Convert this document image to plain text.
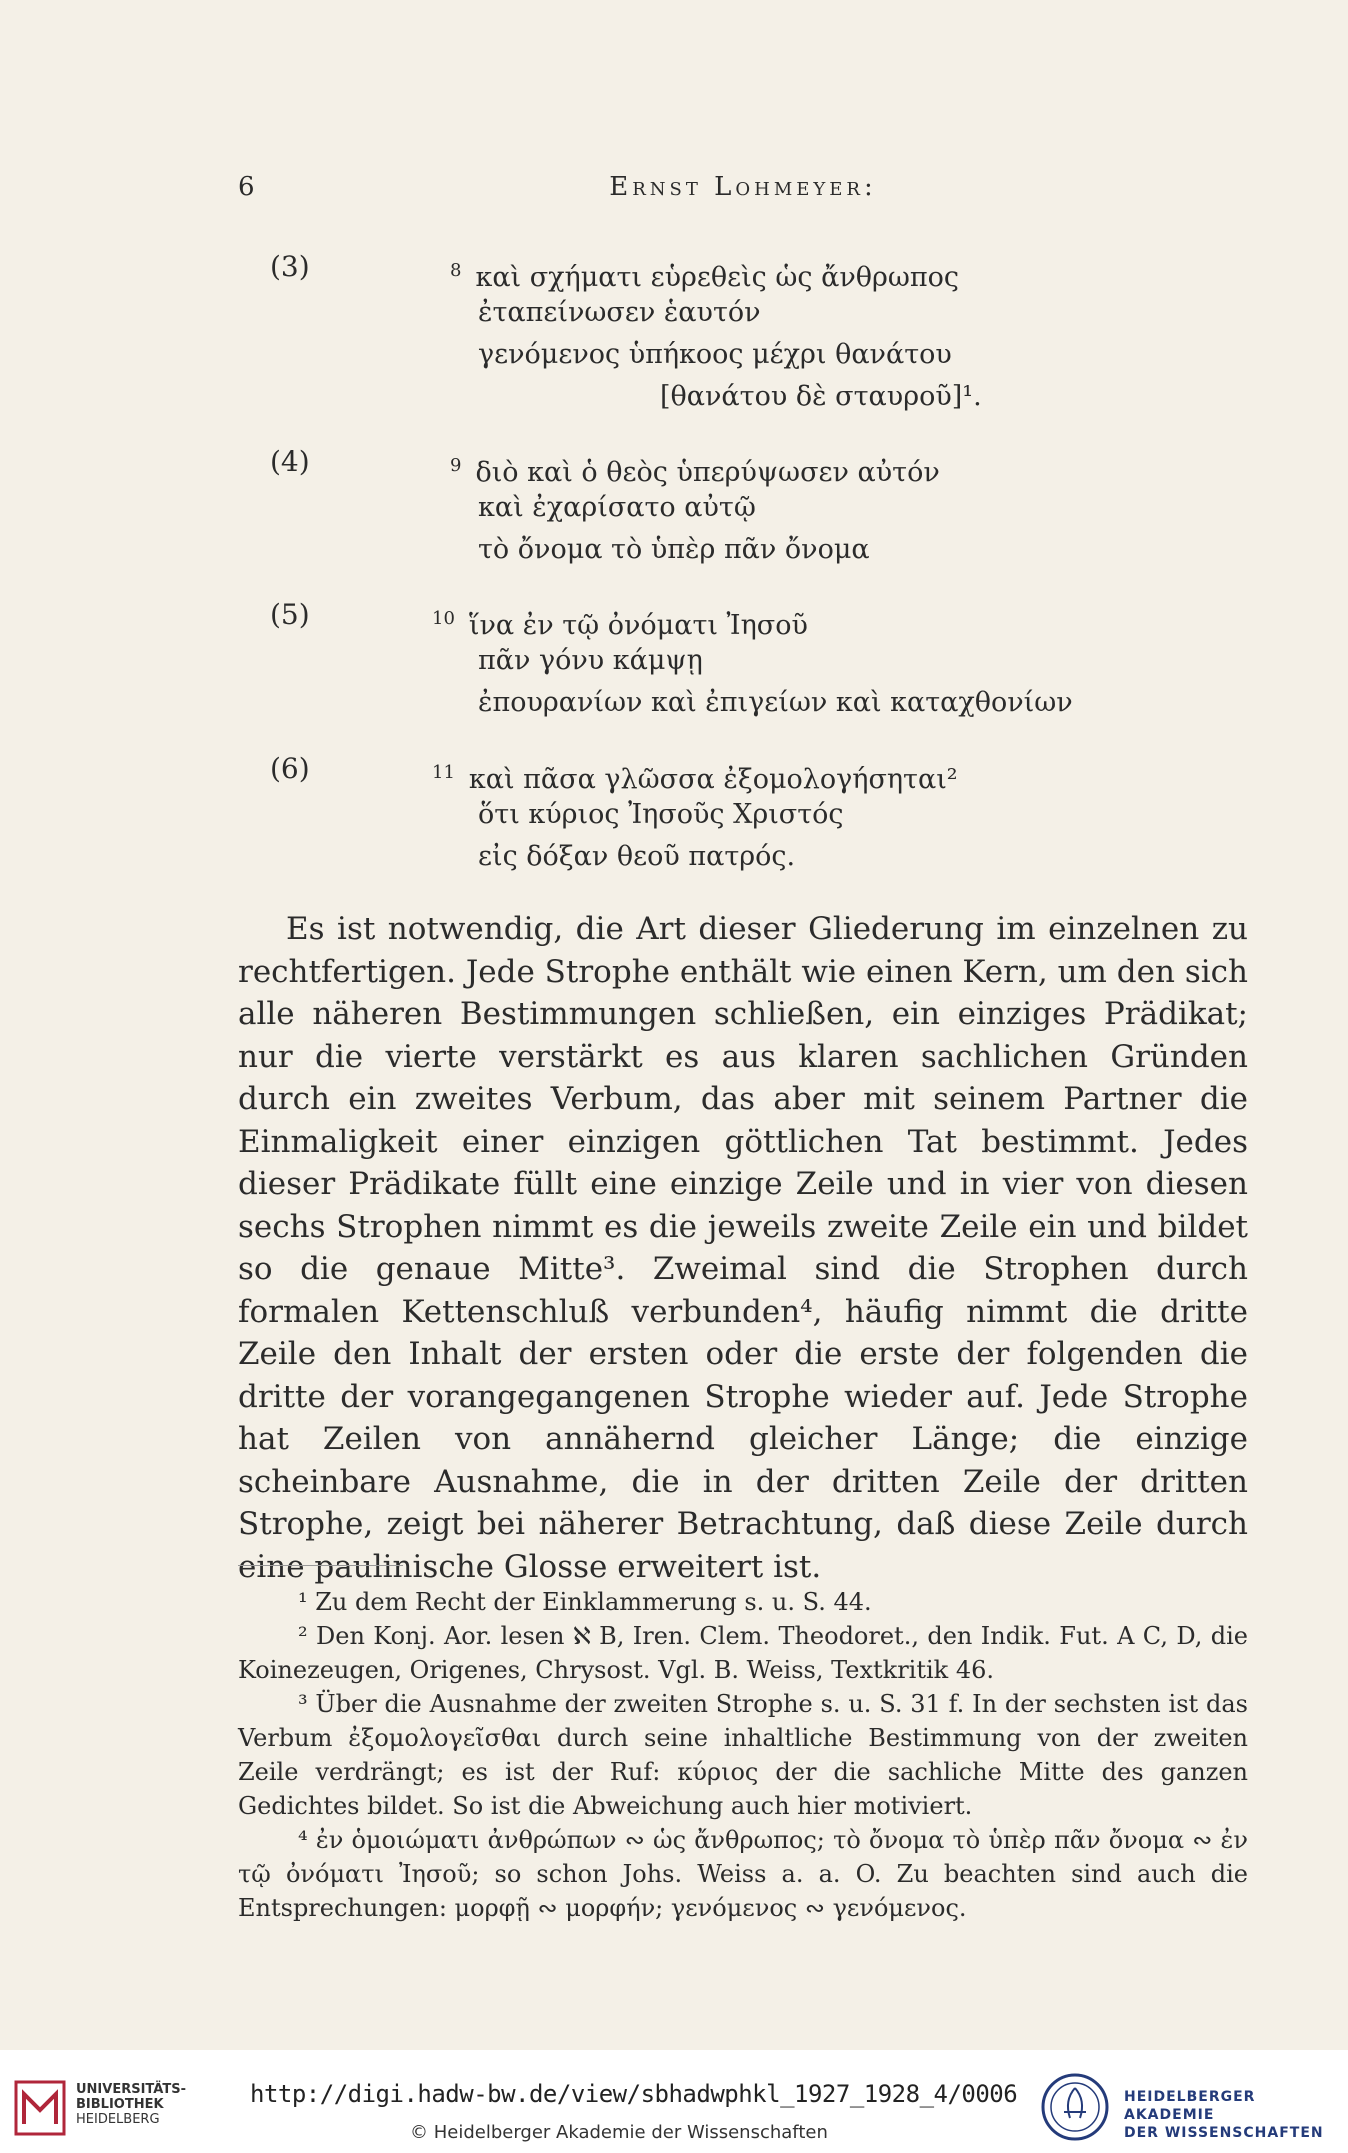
6	Ernst Lohmeyer:
(3)	$^8$ καὶ σχήματι εὑρεθεὶς ὡς ἄνθρωπος
ἐταπείνωσεν ἑαυτόν
γενόμενος ὑπήκοος μέχρι θανάτου
[θανάτου δὲ σταυροῦ]¹.
(4)	$^9$ διὸ καὶ ὁ θεὸς ὑπερύψωσεν αὐτόν
καὶ ἐχαρίσατο αὐτῷ
τὸ ὄνομα τὸ ὑπὲρ πᾶν ὄνομα
(5)	$^{10}$ ἵνα ἐν τῷ ὀνόματι Ἰησοῦ
πᾶν γόνυ κάμψῃ
ἐπουρανίων καὶ ἐπιγείων καὶ καταχθονίων
(6)	$^{11}$ καὶ πᾶσα γλῶσσα ἐξομολογήσηται²
ὅτι κύριος Ἰησοῦς Χριστός
εἰς δόξαν θεοῦ πατρός.

Es ist notwendig, die Art dieser Gliederung im einzelnen zu rechtfertigen. Jede Strophe enthält wie einen Kern, um den sich alle näheren Bestimmungen schließen, ein einziges Prädikat; nur die vierte verstärkt es aus klaren sachlichen Gründen durch ein zweites Verbum, das aber mit seinem Partner die Einmaligkeit einer einzigen göttlichen Tat bestimmt. Jedes dieser Prädikate füllt eine einzige Zeile und in vier von diesen sechs Strophen nimmt es die jeweils zweite Zeile ein und bildet so die genaue Mitte³. Zweimal sind die Strophen durch formalen Kettenschluß verbunden⁴, häufig nimmt die dritte Zeile den Inhalt der ersten oder die erste der folgenden die dritte der vorangegangenen Strophe wieder auf. Jede Strophe hat Zeilen von annähernd gleicher Länge; die einzige scheinbare Ausnahme, die in der dritten Zeile der dritten Strophe, zeigt bei näherer Betrachtung, daß diese Zeile durch eine paulinische Glosse erweitert ist.

¹ Zu dem Recht der Einklammerung s. u. S. 44.

² Den Konj. Aor. lesen ℵ B, Iren. Clem. Theodoret., den Indik. Fut. A C, D, die Koinezeugen, Origenes, Chrysost. Vgl. B. Weiss, Textkritik 46.

³ Über die Ausnahme der zweiten Strophe s. u. S. 31 f. In der sechsten ist das Verbum ἐξομολογεῖσθαι durch seine inhaltliche Bestimmung von der zweiten Zeile verdrängt; es ist der Ruf: κύριος der die sachliche Mitte des ganzen Gedichtes bildet. So ist die Abweichung auch hier motiviert.

⁴ ἐν ὁμοιώματι ἀνθρώπων ∾ ὡς ἄνθρωπος; τὸ ὄνομα τὸ ὑπὲρ πᾶν ὄνομα ∾ ἐν τῷ ὀνόματι Ἰησοῦ; so schon Johs. Weiss a. a. O. Zu beachten sind auch die Entsprechungen: μορφῇ ∾ μορφήν; γενόμενος ∾ γενόμενος.

UNIVERSITÄTS-
BIBLIOTHEK
HEIDELBERG
http://digi.hadw-bw.de/view/sbhadwphkl_1927_1928_4/0006
© Heidelberger Akademie der Wissenschaften
HEIDELBERGER AKADEMIE
DER WISSENSCHAFTEN
